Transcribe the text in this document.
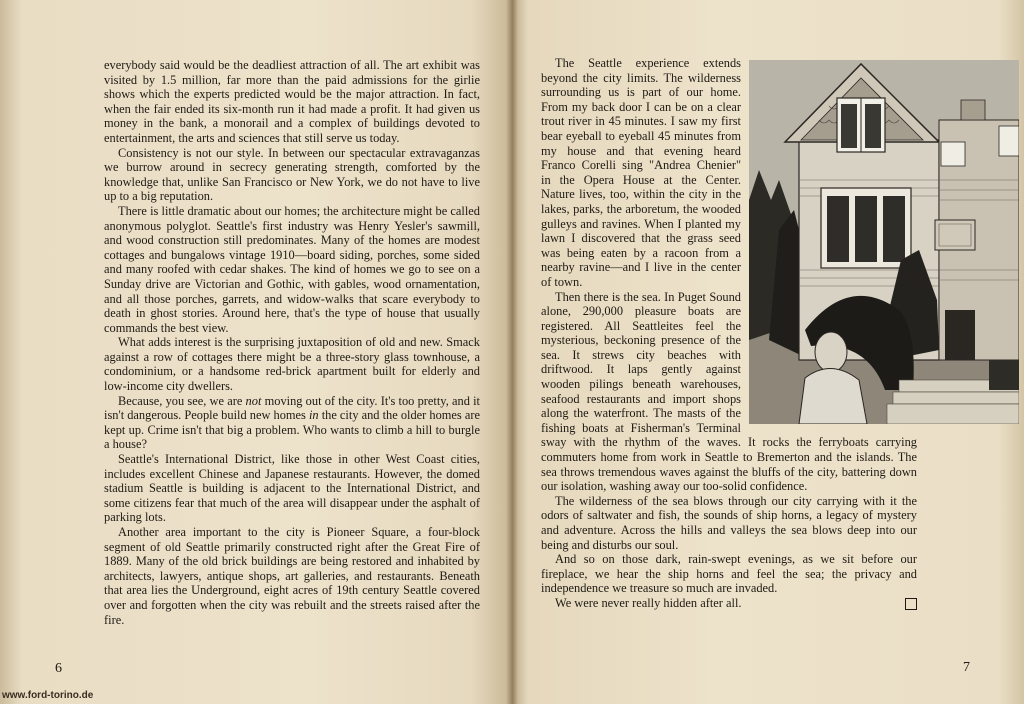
everybody said would be the deadliest attraction of all. The art exhibit was visited by 1.5 million, far more than the paid admissions for the girlie shows which the experts predicted would be the major attraction. In fact, when the fair ended its six-month run it had made a profit. It had given us money in the bank, a monorail and a complex of buildings devoted to entertainment, the arts and sciences that still serve us today.

Consistency is not our style. In between our spectacular extravaganzas we burrow around in secrecy generating strength, comforted by the knowledge that, unlike San Francisco or New York, we do not have to live up to a big reputation.

There is little dramatic about our homes; the architecture might be called anonymous polyglot. Seattle's first industry was Henry Yesler's sawmill, and wood construction still predominates. Many of the homes are modest cottages and bungalows vintage 1910—board siding, porches, some sided and many roofed with cedar shakes. The kind of homes we go to see on a Sunday drive are Victorian and Gothic, with gables, wood ornamentation, and all those porches, garrets, and widow-walks that scare everybody to death in ghost stories. Around here, that's the type of house that usually commands the best view.

What adds interest is the surprising juxtaposition of old and new. Smack against a row of cottages there might be a three-story glass townhouse, a condominium, or a handsome red-brick apartment built for elderly and low-income city dwellers.

Because, you see, we are not moving out of the city. It's too pretty, and it isn't dangerous. People build new homes in the city and the older homes are kept up. Crime isn't that big a problem. Who wants to climb a hill to burgle a house?

Seattle's International District, like those in other West Coast cities, includes excellent Chinese and Japanese restaurants. However, the domed stadium Seattle is building is adjacent to the International District, and some citizens fear that much of the area will disappear under the asphalt of parking lots.

Another area important to the city is Pioneer Square, a four-block segment of old Seattle primarily constructed right after the Great Fire of 1889. Many of the old brick buildings are being restored and inhabited by architects, lawyers, antique shops, art galleries, and restaurants. Beneath that area lies the Underground, eight acres of 19th century Seattle covered over and forgotten when the city was rebuilt and the streets raised after the fire.

6
www.ford-torino.de

The Seattle experience extends beyond the city limits. The wilderness surrounding us is part of our home. From my back door I can be on a clear trout river in 45 minutes. I saw my first bear eyeball to eyeball 45 minutes from my house and that evening heard Franco Corelli sing "Andrea Chenier" in the Opera House at the Center. Nature lives, too, within the city in the lakes, parks, the arboretum, the wooded gulleys and ravines. When I planted my lawn I discovered that the grass seed was being eaten by a racoon from a nearby ravine—and I live in the center of town.

Then there is the sea. In Puget Sound alone, 290,000 pleasure boats are registered. All Seattleites feel the mysterious, beckoning presence of the sea. It strews city beaches with driftwood. It laps gently against wooden pilings beneath warehouses, seafood restaurants and import shops along the waterfront. The masts of the fishing boats at Fisherman's Terminal sway with the rhythm of the waves. It rocks the ferryboats carrying commuters home from work in Seattle to Bremerton and the islands. The sea throws tremendous waves against the bluffs of the city, battering down our isolation, washing away our too-solid confidence.

The wilderness of the sea blows through our city carrying with it the odors of saltwater and fish, the sounds of ship horns, a legacy of mystery and adventure. Across the hills and valleys the sea blows deep into our being and disturbs our soul.

And so on those dark, rain-swept evenings, as we sit before our fireplace, we hear the ship horns and feel the sea; the privacy and independence we treasure so much are invaded.

We were never really hidden after all.

7
